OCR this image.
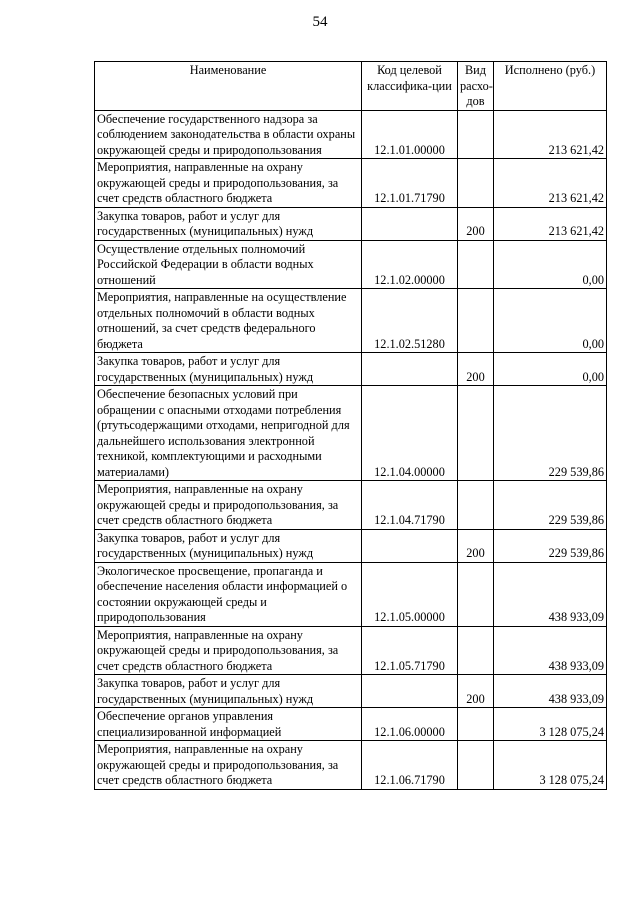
54
Наименование	Код целевой классифика-ции	Вид расхо-дов	Исполнено (руб.)
Обеспечение государственного надзора за соблюдением законодательства в области охраны окружающей среды и природопользования	12.1.01.00000		213 621,42
Мероприятия, направленные на охрану окружающей среды и природопользования, за счет средств областного бюджета	12.1.01.71790		213 621,42
Закупка товаров, работ и услуг для государственных (муниципальных) нужд		200	213 621,42
Осуществление отдельных полномочий Российской Федерации в области водных отношений	12.1.02.00000		0,00
Мероприятия, направленные на осуществление отдельных полномочий в области водных отношений, за счет средств федерального бюджета	12.1.02.51280		0,00
Закупка товаров, работ и услуг для государственных (муниципальных) нужд		200	0,00
Обеспечение безопасных условий при обращении с опасными отходами потребления (ртутьсодержащими отходами, непригодной для дальнейшего использования электронной техникой, комплектующими и расходными материалами)	12.1.04.00000		229 539,86
Мероприятия, направленные на охрану окружающей среды и природопользования, за счет средств областного бюджета	12.1.04.71790		229 539,86
Закупка товаров, работ и услуг для государственных (муниципальных) нужд		200	229 539,86
Экологическое просвещение, пропаганда и обеспечение населения области информацией о состоянии окружающей среды и природопользования	12.1.05.00000		438 933,09
Мероприятия, направленные на охрану окружающей среды и природопользования, за счет средств областного бюджета	12.1.05.71790		438 933,09
Закупка товаров, работ и услуг для государственных (муниципальных) нужд		200	438 933,09
Обеспечение органов управления специализированной информацией	12.1.06.00000		3 128 075,24
Мероприятия, направленные на охрану окружающей среды и природопользования, за счет средств областного бюджета	12.1.06.71790		3 128 075,24
